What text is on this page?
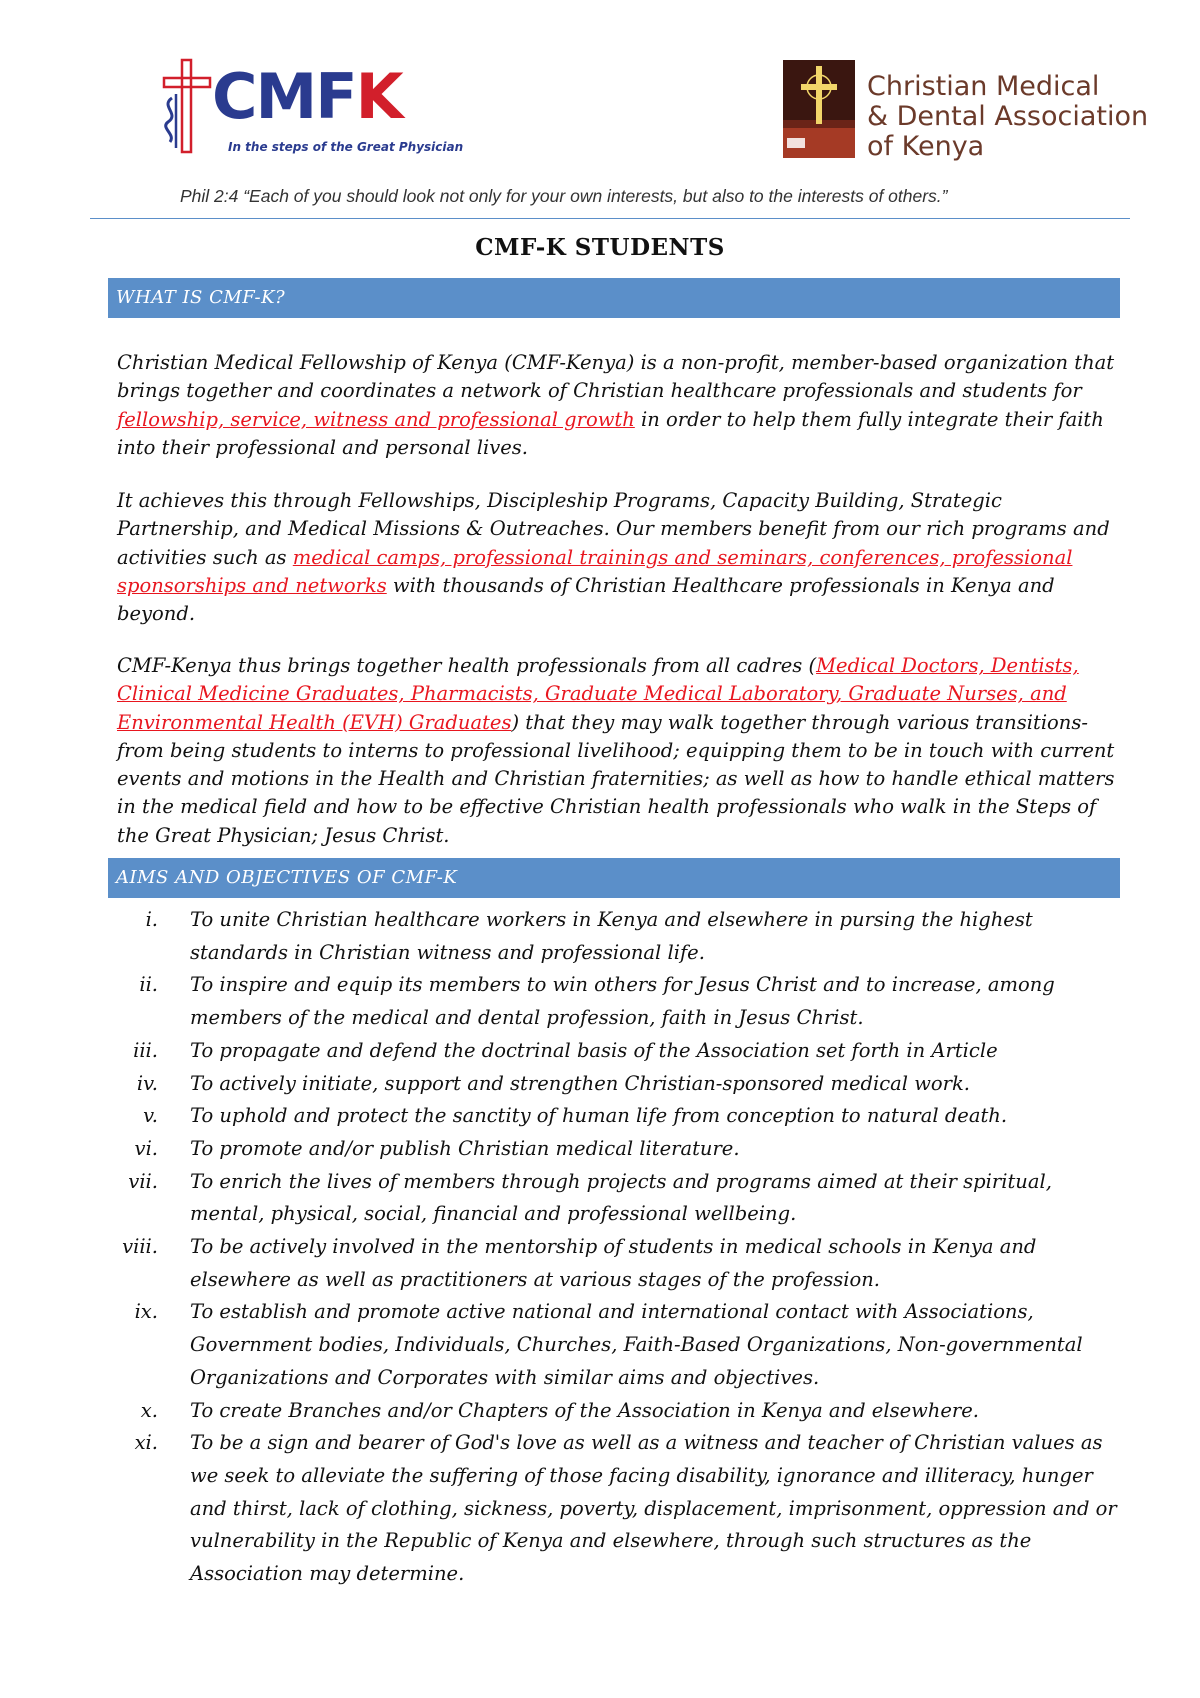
CMFK
In the steps of the Great Physician
Christian Medical
& Dental Association
of Kenya
Phil 2:4 “Each of you should look not only for your own interests, but also to the interests of others.”
CMF-K STUDENTS
WHAT IS CMF-K?
Christian Medical Fellowship of Kenya (CMF-Kenya) is a non-profit, member-based organization that brings together and coordinates a network of Christian healthcare professionals and students for fellowship, service, witness and professional growth in order to help them fully integrate their faith into their professional and personal lives.
It achieves this through Fellowships, Discipleship Programs, Capacity Building, Strategic Partnership, and Medical Missions & Outreaches. Our members benefit from our rich programs and activities such as medical camps, professional trainings and seminars, conferences, professional sponsorships and networks with thousands of Christian Healthcare professionals in Kenya and beyond.
CMF-Kenya thus brings together health professionals from all cadres (Medical Doctors, Dentists, Clinical Medicine Graduates, Pharmacists, Graduate Medical Laboratory, Graduate Nurses, and Environmental Health (EVH) Graduates) that they may walk together through various transitions- from being students to interns to professional livelihood; equipping them to be in touch with current events and motions in the Health and Christian fraternities; as well as how to handle ethical matters in the medical field and how to be effective Christian health professionals who walk in the Steps of the Great Physician; Jesus Christ.
AIMS AND OBJECTIVES OF CMF-K
i. To unite Christian healthcare workers in Kenya and elsewhere in pursing the highest standards in Christian witness and professional life.
ii. To inspire and equip its members to win others for Jesus Christ and to increase, among members of the medical and dental profession, faith in Jesus Christ.
iii. To propagate and defend the doctrinal basis of the Association set forth in Article
iv. To actively initiate, support and strengthen Christian-sponsored medical work.
v. To uphold and protect the sanctity of human life from conception to natural death.
vi. To promote and/or publish Christian medical literature.
vii. To enrich the lives of members through projects and programs aimed at their spiritual, mental, physical, social, financial and professional wellbeing.
viii. To be actively involved in the mentorship of students in medical schools in Kenya and elsewhere as well as practitioners at various stages of the profession.
ix. To establish and promote active national and international contact with Associations, Government bodies, Individuals, Churches, Faith-Based Organizations, Non-governmental Organizations and Corporates with similar aims and objectives.
x. To create Branches and/or Chapters of the Association in Kenya and elsewhere.
xi. To be a sign and bearer of God's love as well as a witness and teacher of Christian values as we seek to alleviate the suffering of those facing disability, ignorance and illiteracy, hunger and thirst, lack of clothing, sickness, poverty, displacement, imprisonment, oppression and or vulnerability in the Republic of Kenya and elsewhere, through such structures as the Association may determine.
